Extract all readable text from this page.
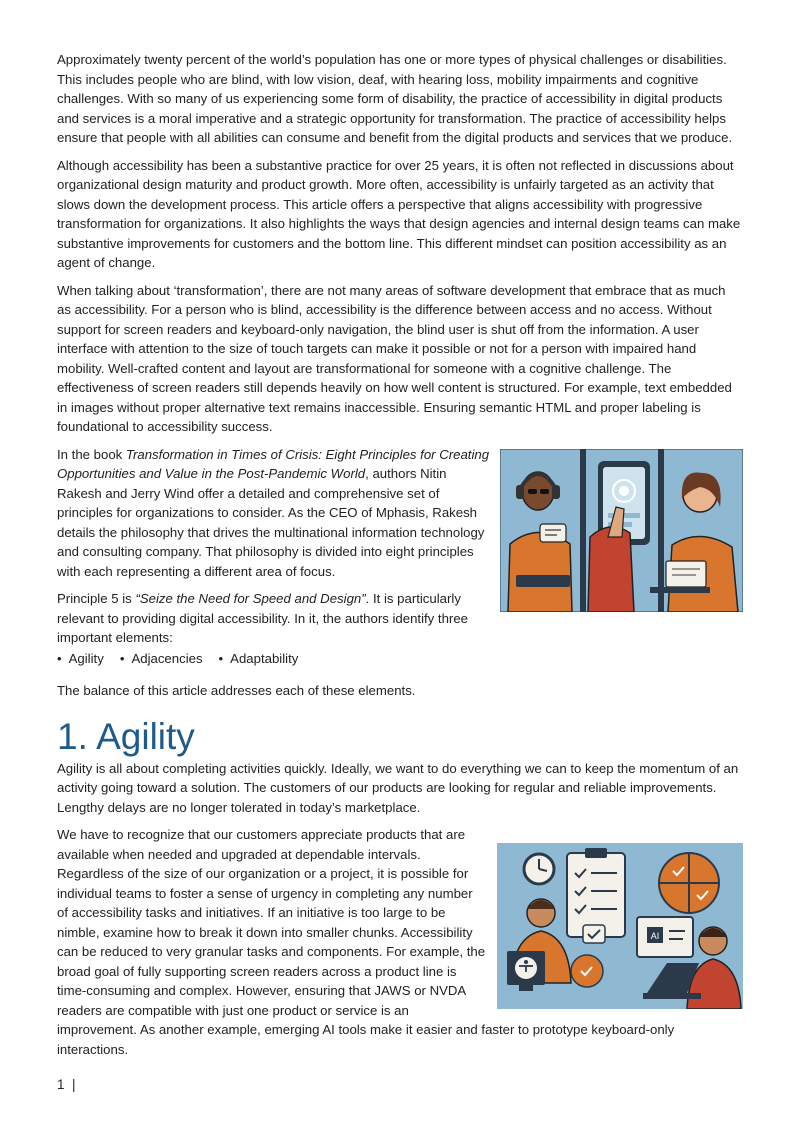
Approximately twenty percent of the world’s population has one or more types of physical challenges or disabilities. This includes people who are blind, with low vision, deaf, with hearing loss, mobility impairments and cognitive challenges. With so many of us experiencing some form of disability, the practice of accessibility in digital products and services is a moral imperative and a strategic opportunity for transformation. The practice of accessibility helps ensure that people with all abilities can consume and benefit from the digital products and services that we produce.

Although accessibility has been a substantive practice for over 25 years, it is often not reflected in discussions about organizational design maturity and product growth. More often, accessibility is unfairly targeted as an activity that slows down the development process. This article offers a perspective that aligns accessibility with progressive transformation for organizations. It also highlights the ways that design agencies and internal design teams can make substantive improvements for customers and the bottom line. This different mindset can position accessibility as an agent of change.

When talking about ‘transformation’, there are not many areas of software development that embrace that as much as accessibility. For a person who is blind, accessibility is the difference between access and no access. Without support for screen readers and keyboard-only navigation, the blind user is shut off from the information. A user interface with attention to the size of touch targets can make it possible or not for a person with impaired hand mobility. Well-crafted content and layout are transformational for someone with a cognitive challenge. The effectiveness of screen readers still depends heavily on how well content is structured. For example, text embedded in images without proper alternative text remains inaccessible. Ensuring semantic HTML and proper labeling is foundational to accessibility success.

In the book Transformation in Times of Crisis: Eight Principles for Creating Opportunities and Value in the Post-Pandemic World, authors Nitin Rakesh and Jerry Wind offer a detailed and comprehensive set of principles for organizations to consider. As the CEO of Mphasis, Rakesh details the philosophy that drives the multinational information technology and consulting company. That philosophy is divided into eight principles with each representing a different area of focus.

Principle 5 is “Seize the Need for Speed and Design”. It is particularly relevant to providing digital accessibility. In it, the authors identify three important elements:

• Agility	• Adjacencies	• Adaptability

The balance of this article addresses each of these elements.

1. Agility

Agility is all about completing activities quickly. Ideally, we want to do everything we can to keep the momentum of an activity going toward a solution. The customers of our products are looking for regular and reliable improvements. Lengthy delays are no longer tolerated in today’s marketplace.

AI

We have to recognize that our customers appreciate products that are available when needed and upgraded at dependable intervals. Regardless of the size of our organization or a project, it is possible for individual teams to foster a sense of urgency in completing any number of accessibility tasks and initiatives. If an initiative is too large to be nimble, examine how to break it down into smaller chunks. Accessibility can be reduced to very granular tasks and components. For example, the broad goal of fully supporting screen readers across a product line is time-consuming and complex. However, ensuring that JAWS or NVDA readers are compatible with just one product or service is an improvement. As another example, emerging AI tools make it easier and faster to prototype keyboard-only interactions.

1 |
